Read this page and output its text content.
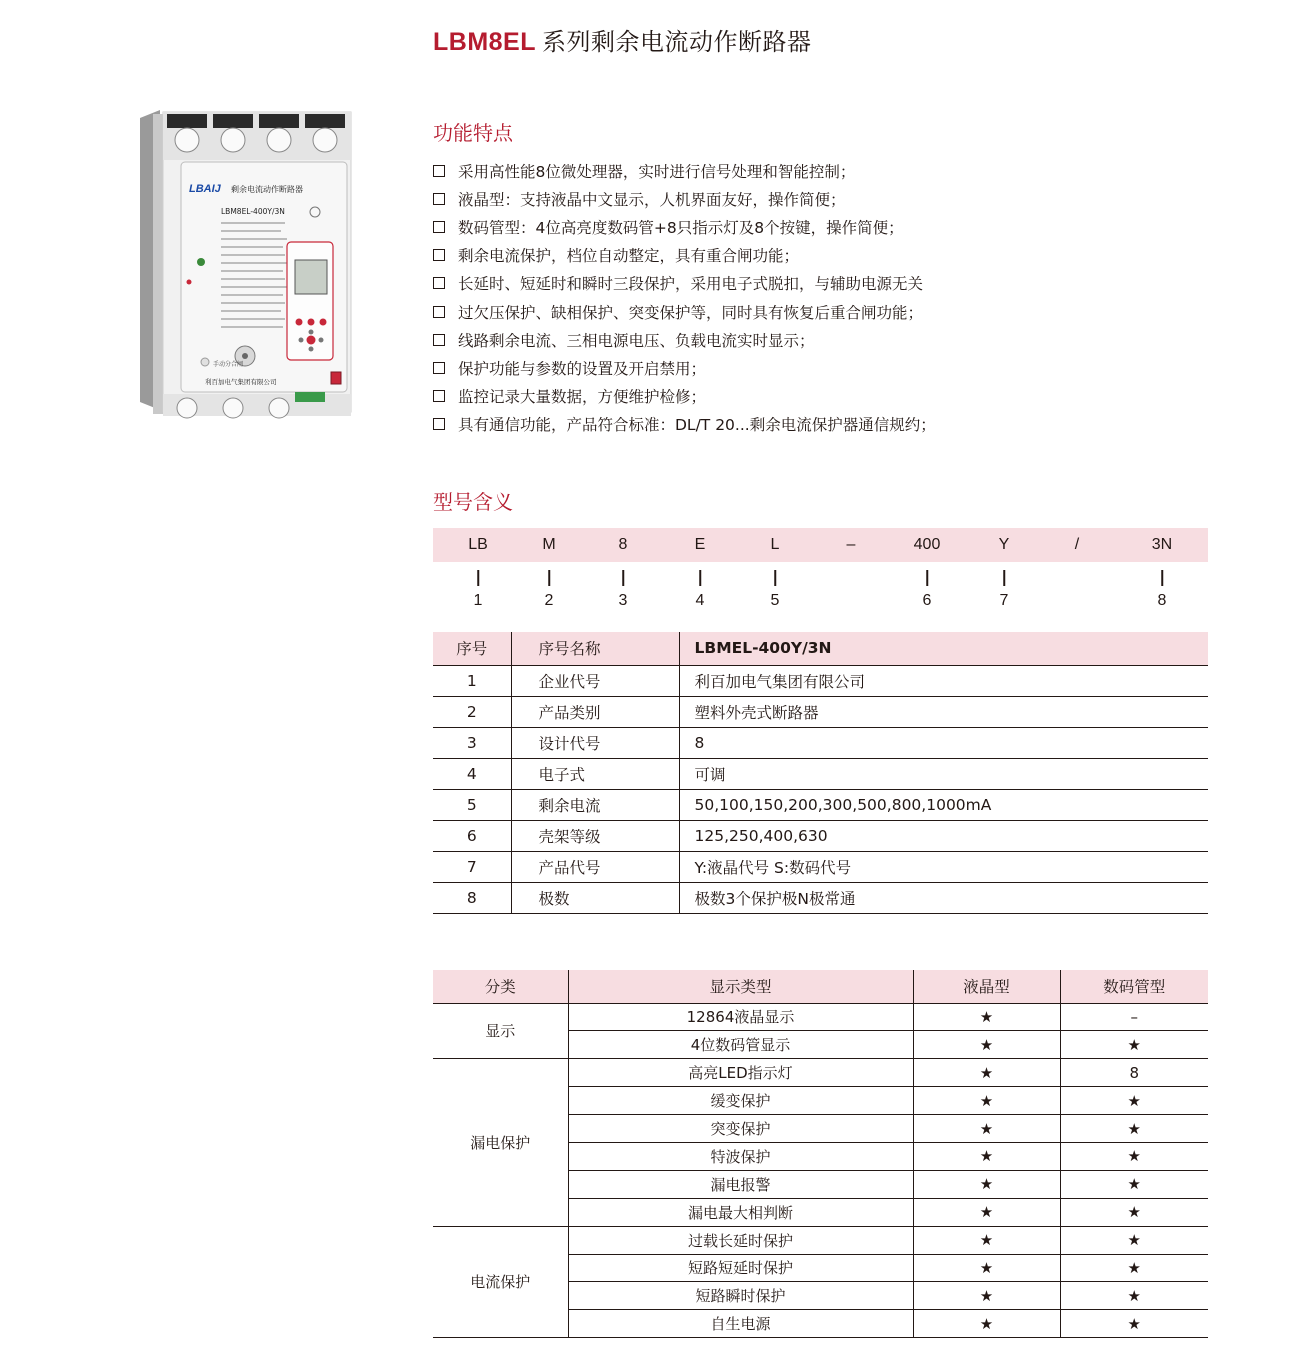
LBM8EL 系列剩余电流动作断路器
LBAIJ 剩余电流动作断路器
LBM8EL-400Y/3N
手动分合闸
利百加电气集团有限公司
功能特点
采用高性能8位微处理器，实时进行信号处理和智能控制；
液晶型：支持液晶中文显示，人机界面友好，操作简便；
数码管型：4位高亮度数码管+8只指示灯及8个按键，操作简便；
剩余电流保护，档位自动整定，具有重合闸功能；
长延时、短延时和瞬时三段保护，采用电子式脱扣，与辅助电源无关
过欠压保护、缺相保护、突变保护等，同时具有恢复后重合闸功能；
线路剩余电流、三相电源电压、负载电流实时显示；
保护功能与参数的设置及开启禁用；
监控记录大量数据，方便维护检修；
具有通信功能，产品符合标准：DL/T 20...剩余电流保护器通信规约；
型号含义
LB	M	8	E	L	–	400	Y	/	3N
1	2	3	4	5	6	7	8
序号	序号名称	LBMEL-400Y/3N
1	企业代号	利百加电气集团有限公司
2	产品类别	塑料外壳式断路器
3	设计代号	8
4	电子式	可调
5	剩余电流	50,100,150,200,300,500,800,1000mA
6	壳架等级	125,250,400,630
7	产品代号	Y:液晶代号 S:数码代号
8	极数	极数3个保护极N极常通
分类	显示类型	液晶型	数码管型
显示	12864液晶显示	★	–
	4位数码管显示	★	★
漏电保护	高亮LED指示灯	★	8
	缓变保护	★	★
	突变保护	★	★
	特波保护	★	★
	漏电报警	★	★
	漏电最大相判断	★	★
电流保护	过载长延时保护	★	★
	短路短延时保护	★	★
	短路瞬时保护	★	★
	自生电源	★	★
